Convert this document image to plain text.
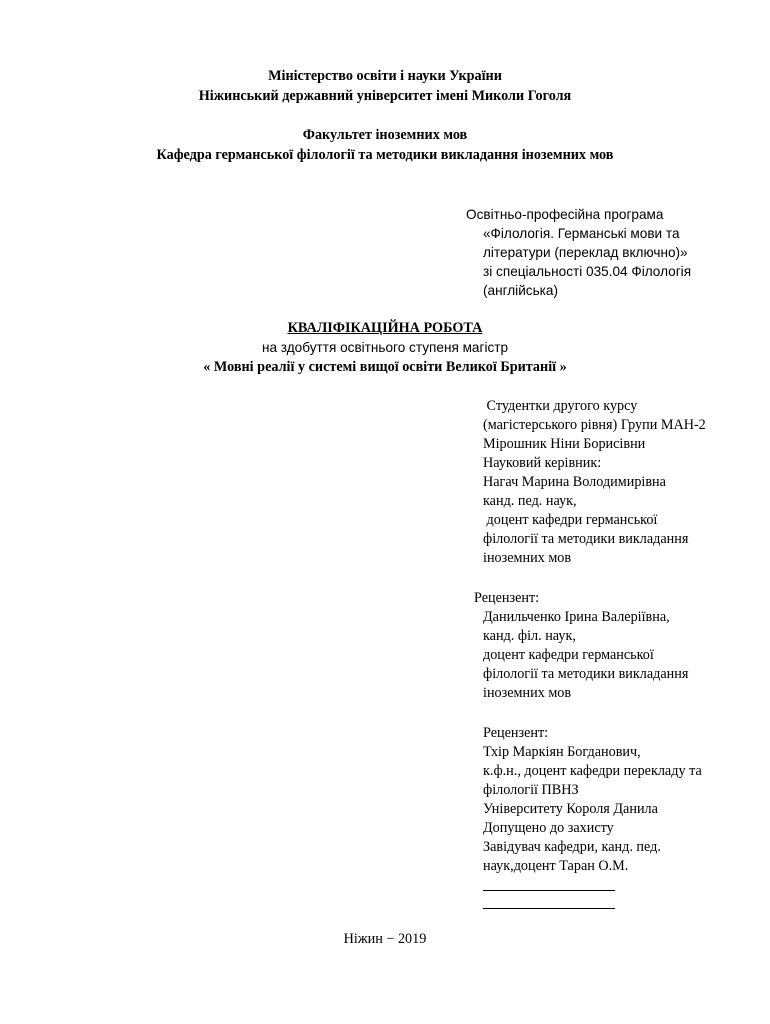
Міністерство освіти і науки України
Ніжинський державний університет імені Миколи Гоголя
Факультет іноземних мов
Кафедра германської філології та методики викладання іноземних мов
Освітньо-професійна програма
«Філологія. Германські мови та
літератури (переклад включно)»
зі спеціальності 035.04 Філологія
(англійська)
КВАЛІФІКАЦІЙНА РОБОТА
на здобуття освітнього ступеня магістр
« Мовні реалії у системі вищої освіти Великої Британії »
Студентки другого курсу
(магістерського рівня) Групи МАН-2
Мірошник Ніни Борисівни
Науковий керівник:
Нагач Марина Володимирівна
канд. пед. наук,
доцент кафедри германської
філології та методики викладання
іноземних мов
Рецензент:
Данильченко Ірина Валеріївна,
канд. філ. наук,
доцент кафедри германської
філології та методики викладання
іноземних мов
Рецензент:
Тхір Маркіян Богданович,
к.ф.н., доцент кафедри перекладу та
філології ПВНЗ
Університету Короля Данила
Допущено до захисту
Завідувач кафедри, канд. пед.
наук,доцент Таран О.М.
Ніжин − 2019
